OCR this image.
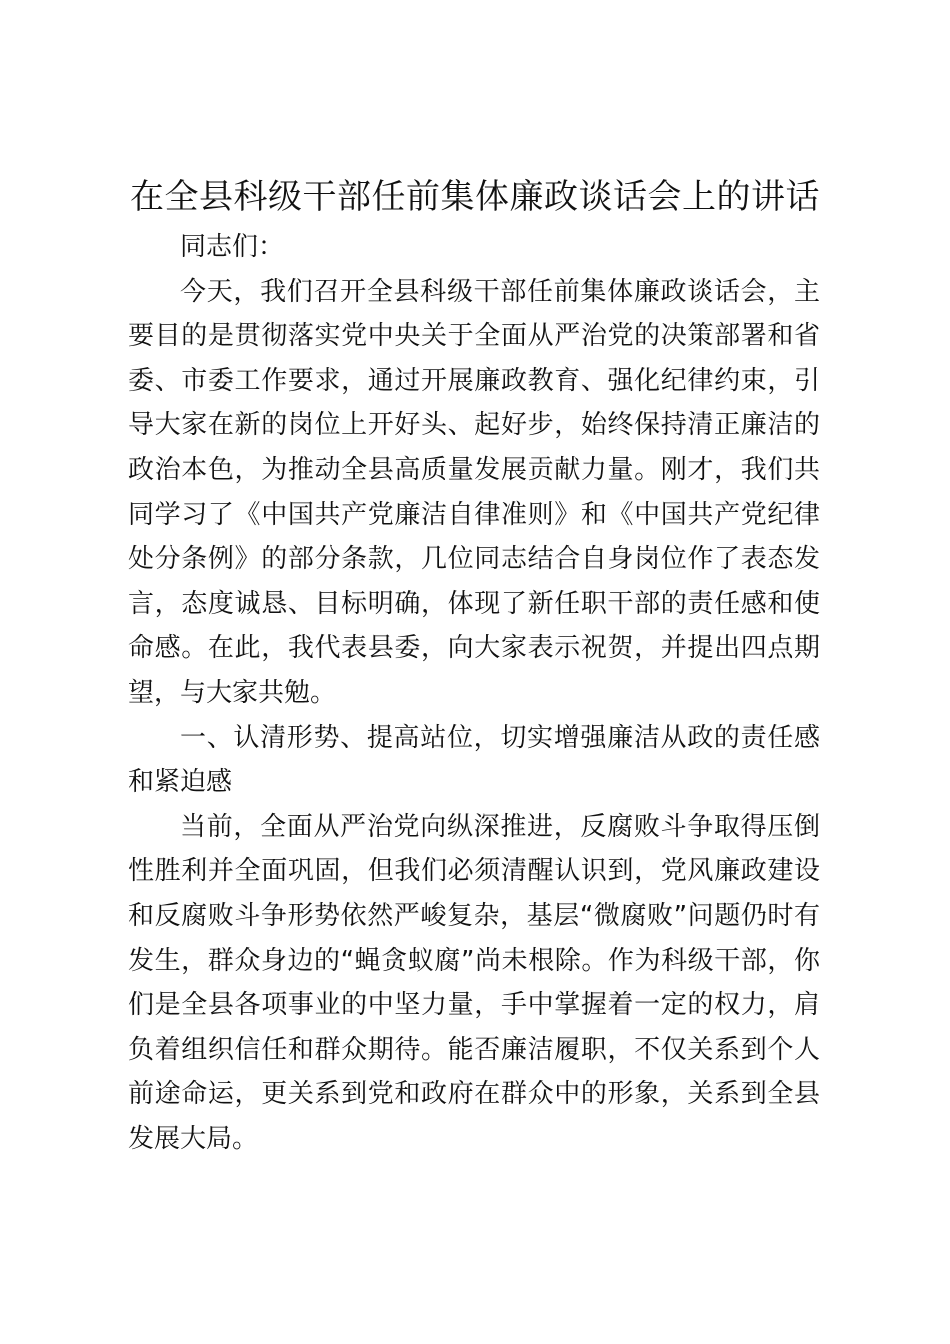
在全县科级干部任前集体廉政谈话会上的讲话

同志们：

今天，我们召开全县科级干部任前集体廉政谈话会，主要目的是贯彻落实党中央关于全面从严治党的决策部署和省委、市委工作要求，通过开展廉政教育、强化纪律约束，引导大家在新的岗位上开好头、起好步，始终保持清正廉洁的政治本色，为推动全县高质量发展贡献力量。刚才，我们共同学习了《中国共产党廉洁自律准则》和《中国共产党纪律处分条例》的部分条款，几位同志结合自身岗位作了表态发言，态度诚恳、目标明确，体现了新任职干部的责任感和使命感。在此，我代表县委，向大家表示祝贺，并提出四点期望，与大家共勉。

一、认清形势、提高站位，切实增强廉洁从政的责任感和紧迫感

当前，全面从严治党向纵深推进，反腐败斗争取得压倒性胜利并全面巩固，但我们必须清醒认识到，党风廉政建设和反腐败斗争形势依然严峻复杂，基层“微腐败”问题仍时有发生，群众身边的“蝇贪蚁腐”尚未根除。作为科级干部，你们是全县各项事业的中坚力量，手中掌握着一定的权力，肩负着组织信任和群众期待。能否廉洁履职，不仅关系到个人前途命运，更关系到党和政府在群众中的形象，关系到全县发展大局。
